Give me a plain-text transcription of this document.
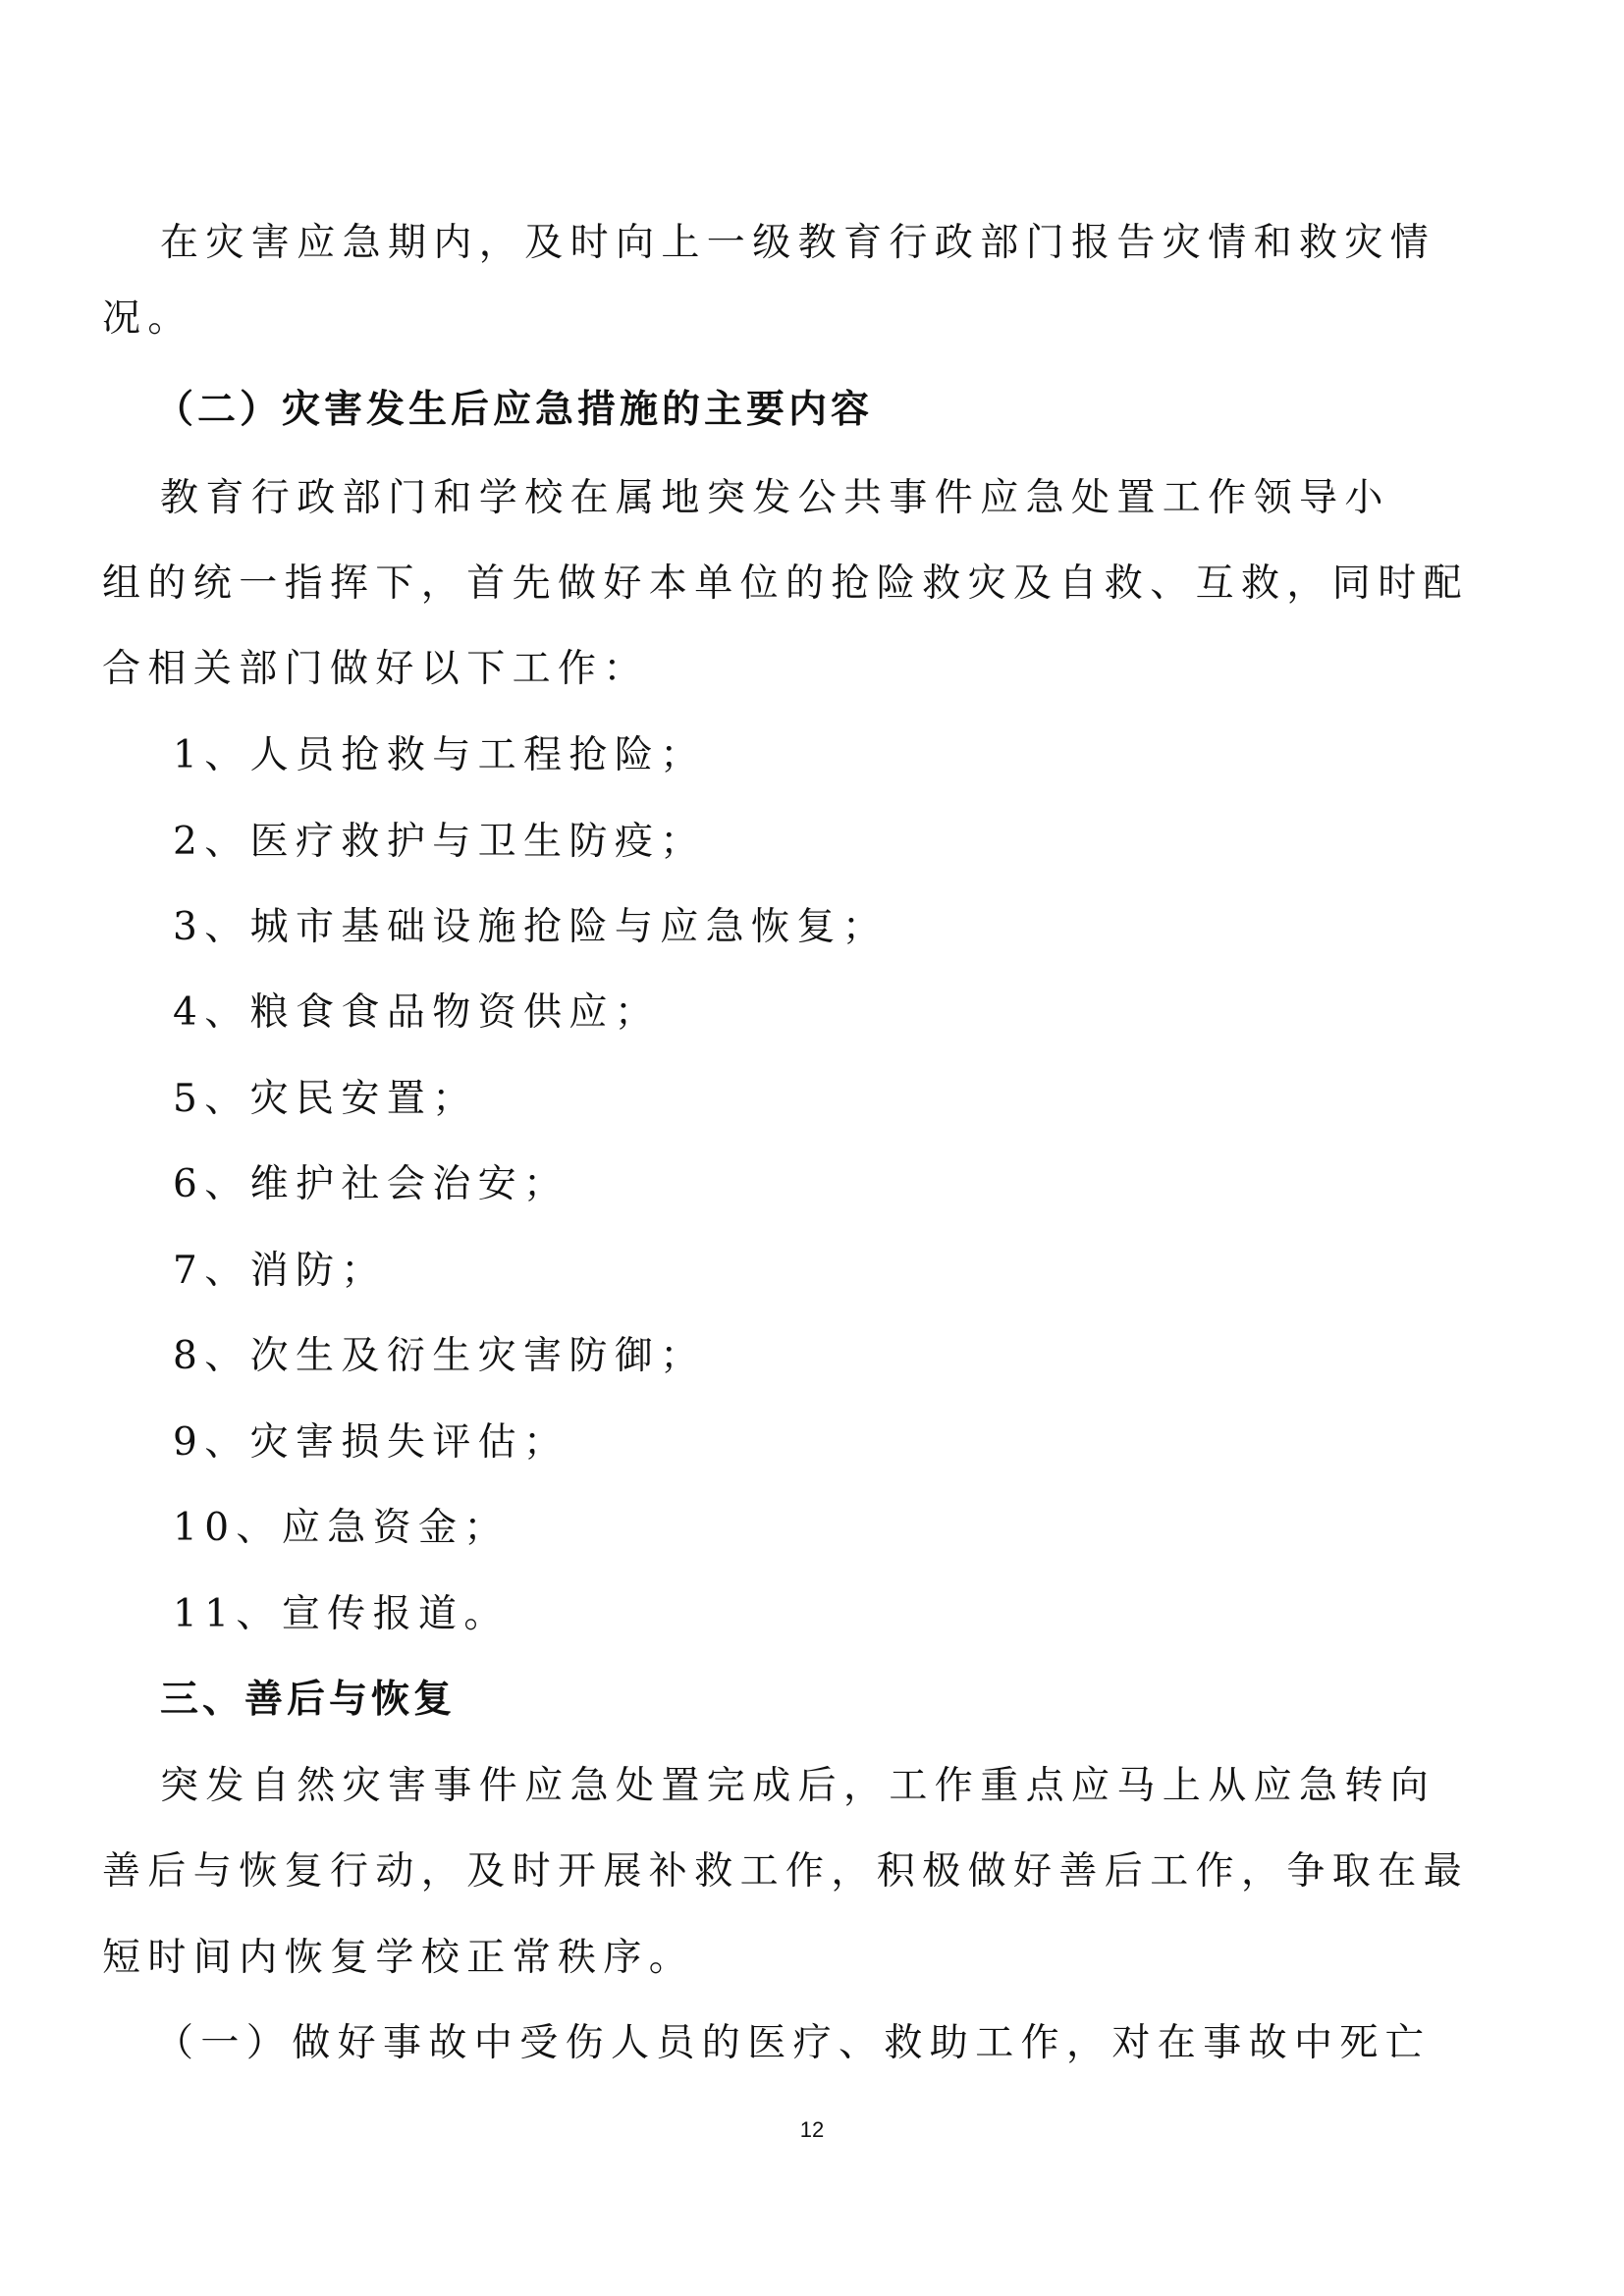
在灾害应急期内，及时向上一级教育行政部门报告灾情和救灾情

况。

（二）灾害发生后应急措施的主要内容

教育行政部门和学校在属地突发公共事件应急处置工作领导小

组的统一指挥下，首先做好本单位的抢险救灾及自救、互救，同时配

合相关部门做好以下工作：

1、人员抢救与工程抢险；

2、医疗救护与卫生防疫；

3、城市基础设施抢险与应急恢复；

4、粮食食品物资供应；

5、灾民安置；

6、维护社会治安；

7、消防；

8、次生及衍生灾害防御；

9、灾害损失评估；

10、应急资金；

11、宣传报道。

三、善后与恢复

突发自然灾害事件应急处置完成后，工作重点应马上从应急转向

善后与恢复行动，及时开展补救工作，积极做好善后工作，争取在最

短时间内恢复学校正常秩序。

（一）做好事故中受伤人员的医疗、救助工作，对在事故中死亡

12
